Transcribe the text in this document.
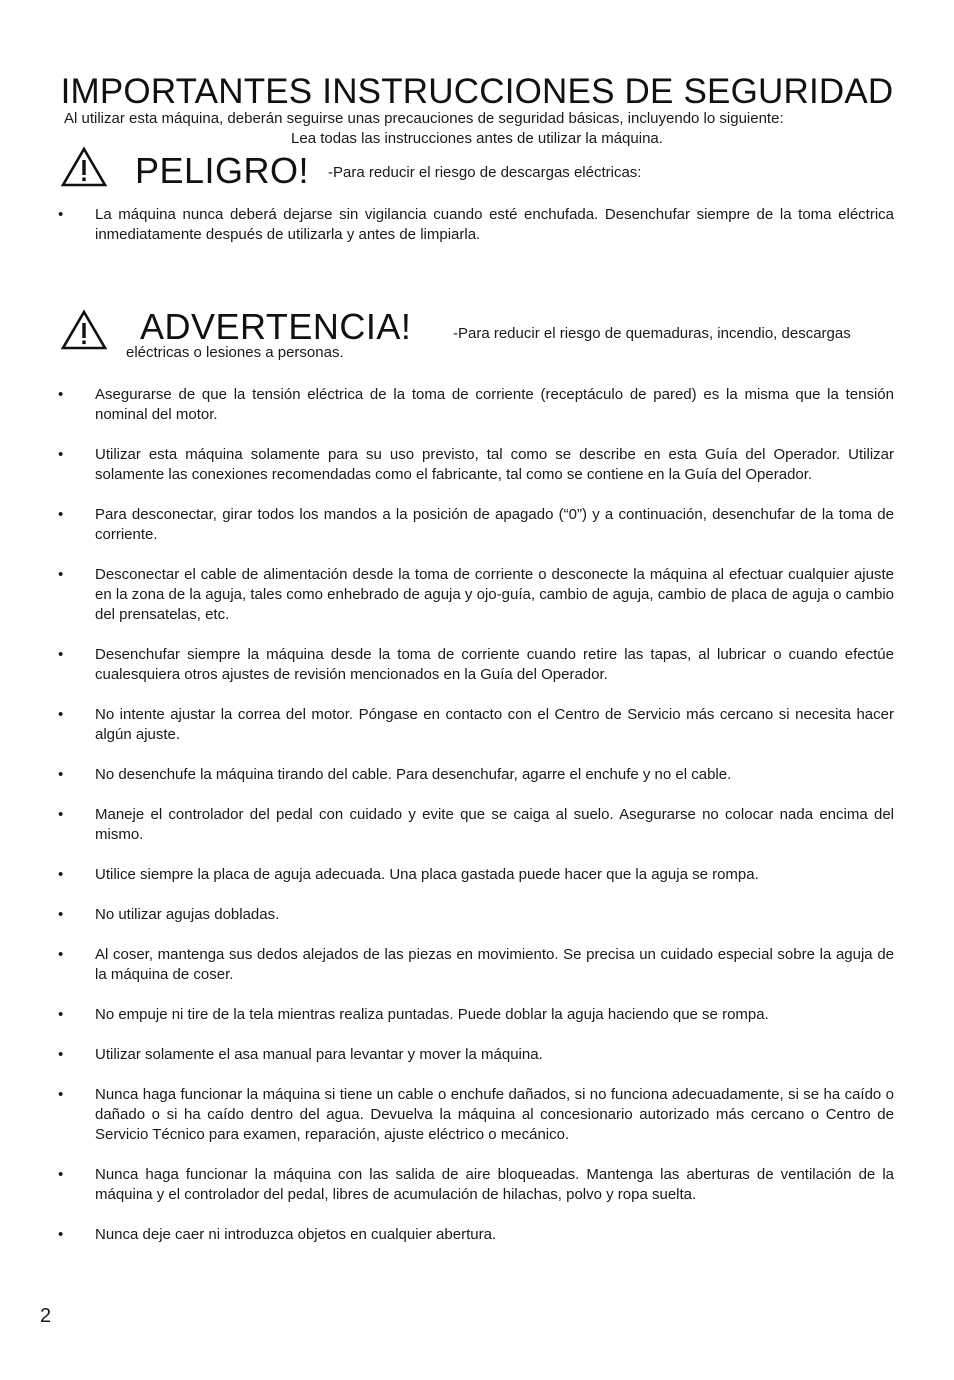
IMPORTANTES INSTRUCCIONES DE SEGURIDAD
Al utilizar esta máquina, deberán seguirse unas precauciones de seguridad básicas, incluyendo lo siguiente:
Lea todas las instrucciones antes de utilizar la máquina.
PELIGRO! -Para reducir el riesgo de descargas eléctricas:
•	La máquina nunca deberá dejarse sin vigilancia cuando esté enchufada. Desenchufar siempre de la toma eléctrica inmediatamente después de utilizarla y antes de limpiarla.
ADVERTENCIA!	-Para reducir el riesgo de quemaduras, incendio, descargas
eléctricas o lesiones a personas.
•	Asegurarse de que la tensión eléctrica de la toma de corriente (receptáculo de pared) es la misma que la tensión nominal del motor.
•	Utilizar esta máquina solamente para su uso previsto, tal como se describe en esta Guía del Operador. Utilizar solamente las conexiones recomendadas como el fabricante, tal como se contiene en la Guía del Operador.
•	Para desconectar, girar todos los mandos a la posición de apagado (“0”) y a continuación, desenchufar de la toma de corriente.
•	Desconectar el cable de alimentación desde la toma de corriente o desconecte la máquina al efectuar cualquier ajuste en la zona de la aguja, tales como enhebrado de aguja y ojo-guía, cambio de aguja, cambio de placa de aguja o cambio del prensatelas, etc.
•	Desenchufar siempre la máquina desde la toma de corriente cuando retire las tapas, al lubricar o cuando efectúe cualesquiera otros ajustes de revisión mencionados en la Guía del Operador.
•	No intente ajustar la correa del motor. Póngase en contacto con el Centro de Servicio más cercano si necesita hacer algún ajuste.
•	No desenchufe la máquina tirando del cable. Para desenchufar, agarre el enchufe y no el cable.
•	Maneje el controlador del pedal con cuidado y evite que se caiga al suelo. Asegurarse no colocar nada encima del mismo.
•	Utilice siempre la placa de aguja adecuada. Una placa gastada puede hacer que la aguja se rompa.
•	No utilizar agujas dobladas.
•	Al coser, mantenga sus dedos alejados de las piezas en movimiento. Se precisa un cuidado especial sobre la aguja de la máquina de coser.
•	No empuje ni tire de la tela mientras realiza puntadas. Puede doblar la aguja haciendo que se rompa.
•	Utilizar solamente el asa manual para levantar y mover la máquina.
•	Nunca haga funcionar la máquina si tiene un cable o enchufe dañados, si no funciona adecuadamente, si se ha caído o dañado o si ha caído dentro del agua. Devuelva la máquina al concesionario autorizado más cercano o Centro de Servicio Técnico para examen, reparación, ajuste eléctrico o mecánico.
•	Nunca haga funcionar la máquina con las salida de aire bloqueadas. Mantenga las aberturas de ventilación de la máquina y el controlador del pedal, libres de acumulación de hilachas, polvo y ropa suelta.
•	Nunca deje caer ni introduzca objetos en cualquier abertura.
2
